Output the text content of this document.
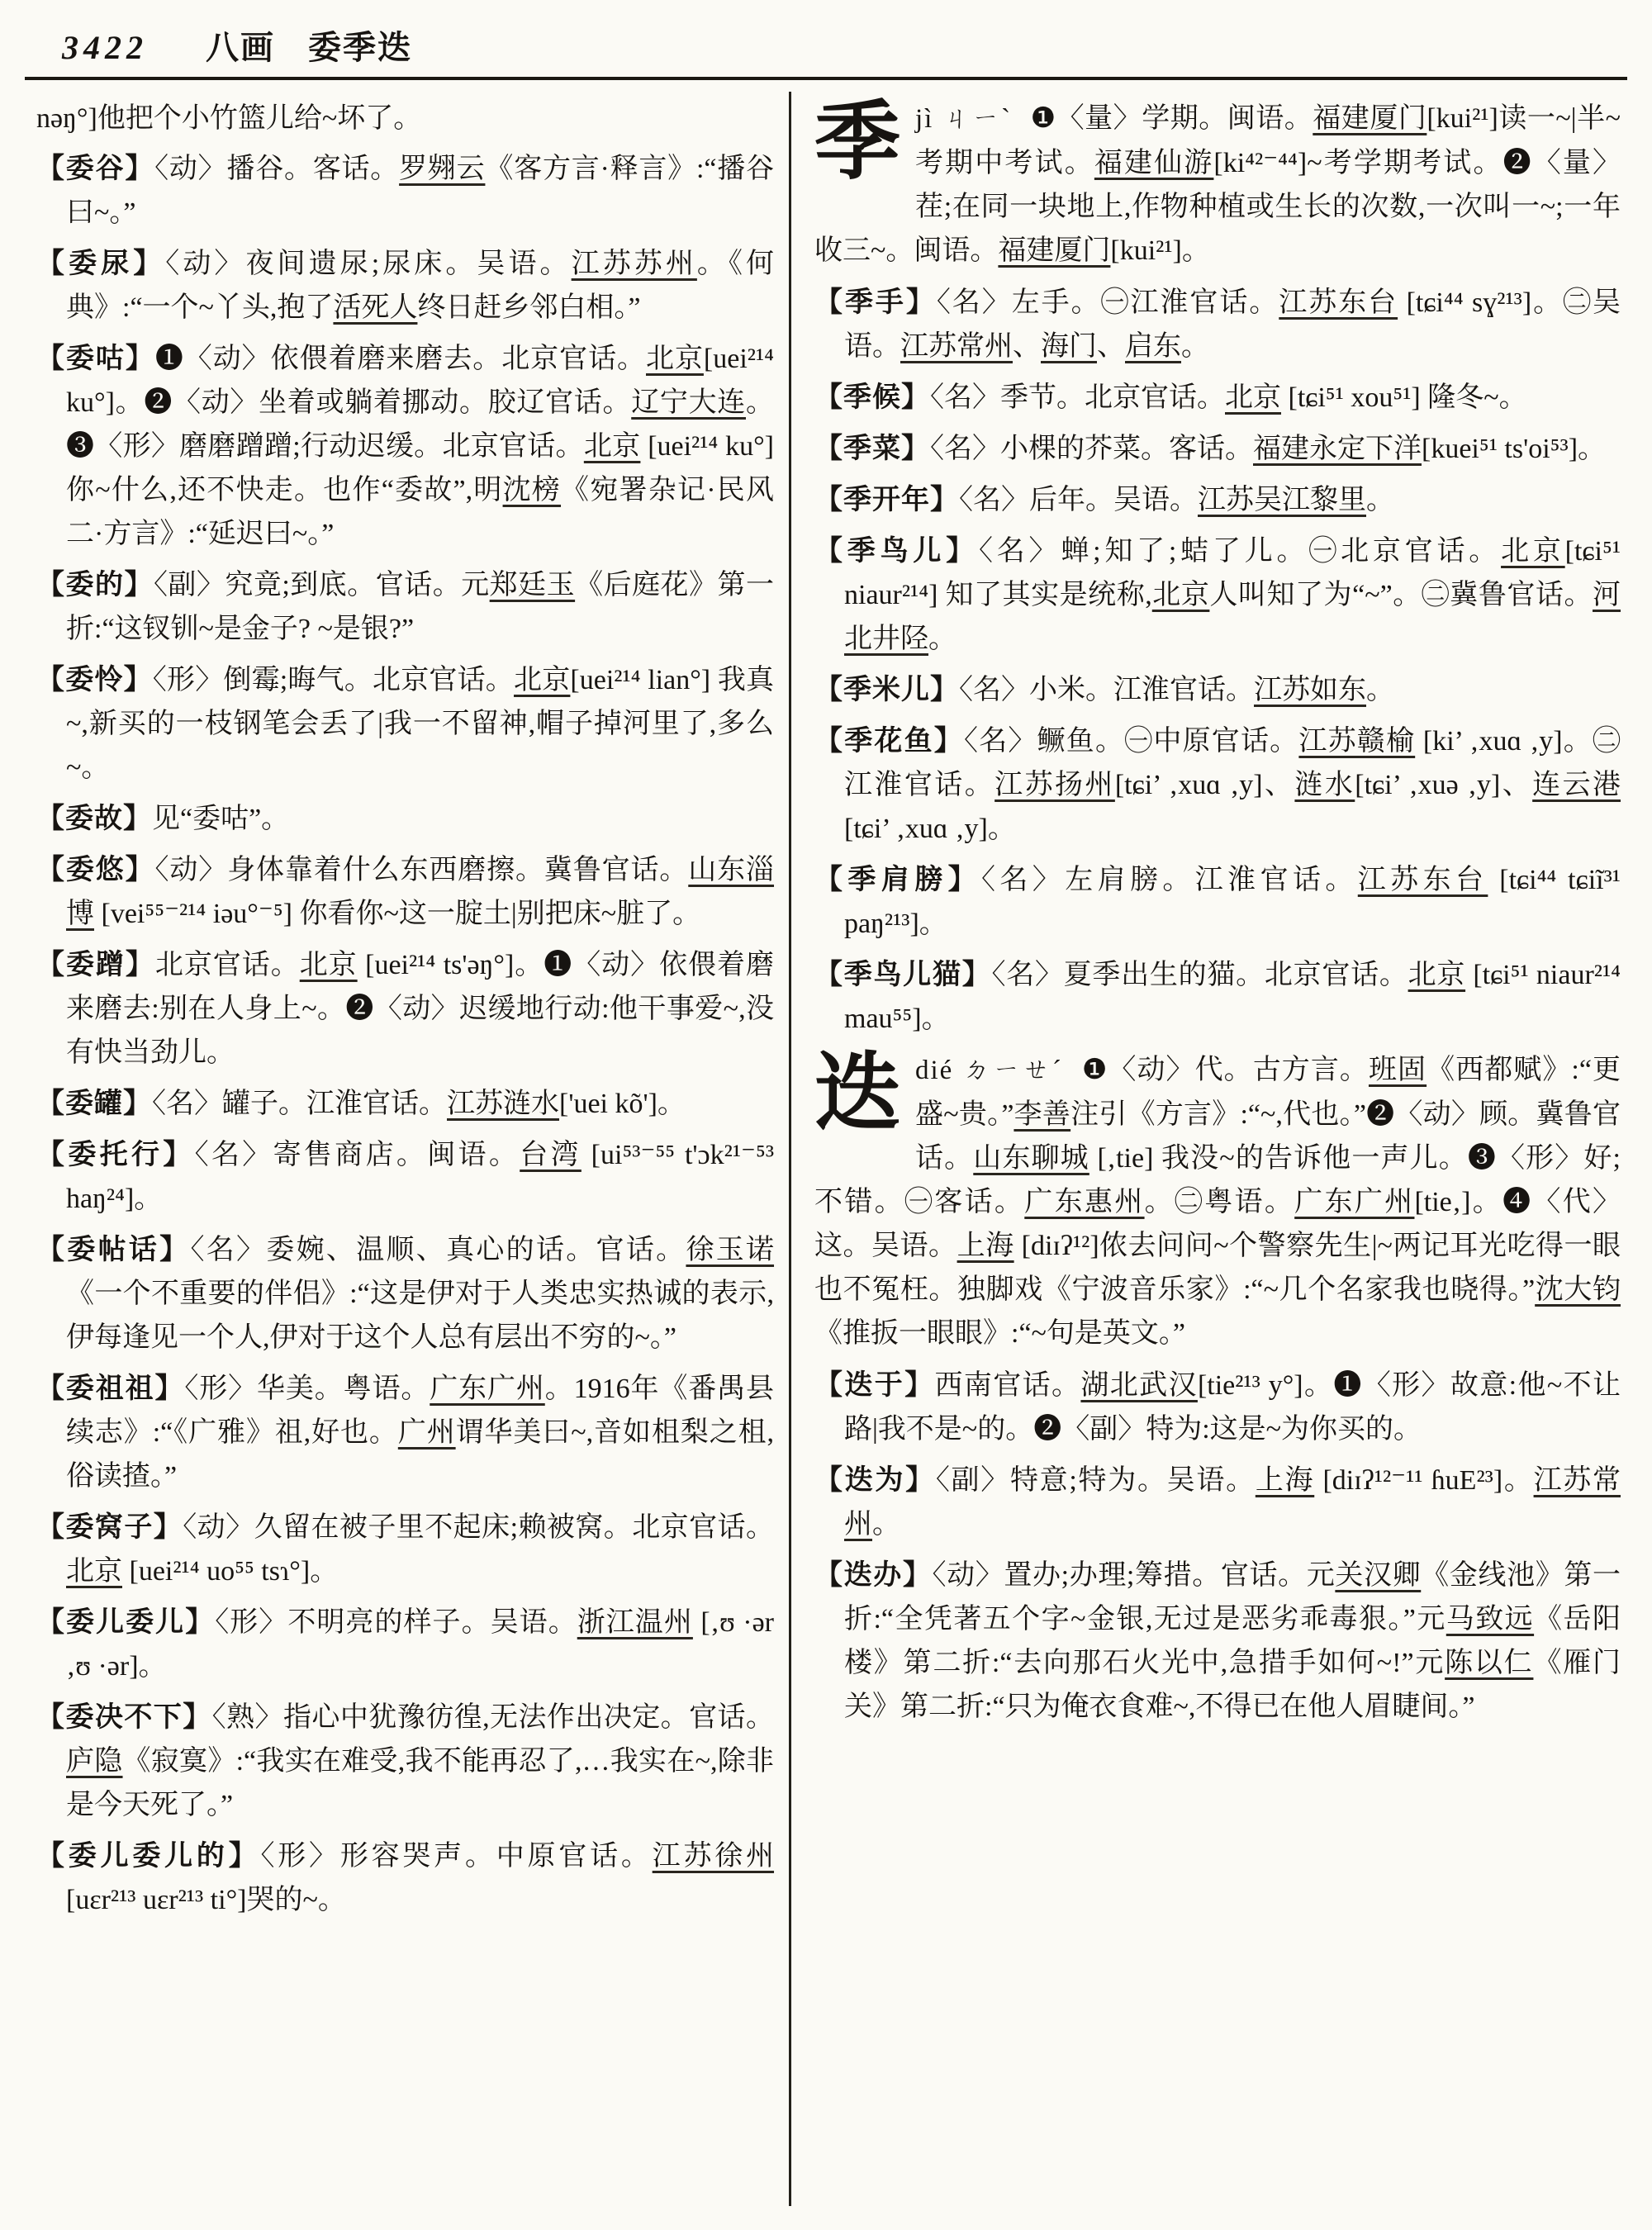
3422 八画 委季迭

nəŋ°]他把个小竹篮儿给~坏了。

【委谷】〈动〉播谷。客话。罗翙云《客方言·释言》:“播谷曰~。”

【委尿】〈动〉夜间遗尿;尿床。吴语。江苏苏州。《何典》:“一个~丫头,抱了活死人终日赶乡邻白相。”

【委咕】❶〈动〉依偎着磨来磨去。北京官话。北京[uei²¹⁴ ku°]。❷〈动〉坐着或躺着挪动。胶辽官话。辽宁大连。❸〈形〉磨磨蹭蹭;行动迟缓。北京官话。北京 [uei²¹⁴ ku°] 你~什么,还不快走。也作“委故”,明沈榜《宛署杂记·民风二·方言》:“延迟曰~。”

【委的】〈副〉究竟;到底。官话。元郑廷玉《后庭花》第一折:“这钗钏~是金子? ~是银?”

【委怜】〈形〉倒霉;晦气。北京官话。北京[uei²¹⁴ lian°] 我真~,新买的一枝钢笔会丢了|我一不留神,帽子掉河里了,多么~。

【委故】见“委咕”。

【委悠】〈动〉身体靠着什么东西磨擦。冀鲁官话。山东淄博 [vei⁵⁵⁻²¹⁴ iəu°⁻⁵] 你看你~这一腚土|别把床~脏了。

【委蹭】北京官话。北京 [uei²¹⁴ ts'əŋ°]。❶〈动〉依偎着磨来磨去:别在人身上~。❷〈动〉迟缓地行动:他干事爱~,没有快当劲儿。

【委罐】〈名〉罐子。江淮官话。江苏涟水['uei kõ']。

【委托行】〈名〉寄售商店。闽语。台湾 [ui⁵³⁻⁵⁵ t'ɔk²¹⁻⁵³ haŋ²⁴]。

【委帖话】〈名〉委婉、温顺、真心的话。官话。徐玉诺《一个不重要的伴侣》:“这是伊对于人类忠实热诚的表示,伊每逢见一个人,伊对于这个人总有层出不穷的~。”

【委祖祖】〈形〉华美。粤语。广东广州。1916年《番禺县续志》:“《广雅》祖,好也。广州谓华美曰~,音如柤梨之柤,俗读揸。”

【委窝子】〈动〉久留在被子里不起床;赖被窝。北京官话。北京 [uei²¹⁴ uo⁵⁵ tsɿ°]。

【委儿委儿】〈形〉不明亮的样子。吴语。浙江温州 [‚ʊ ·ər ‚ʊ ·ər]。

【委决不下】〈熟〉指心中犹豫彷徨,无法作出决定。官话。庐隐《寂寞》:“我实在难受,我不能再忍了,…我实在~,除非是今天死了。”

【委儿委儿的】〈形〉形容哭声。中原官话。江苏徐州 [uɛr²¹³ uɛr²¹³ ti°]哭的~。

季jì ㄐㄧˋ ❶〈量〉学期。闽语。福建厦门[kui²¹]读一~|半~考期中考试。福建仙游[ki⁴²⁻⁴⁴]~考学期考试。❷〈量〉茬;在同一块地上,作物种植或生长的次数,一次叫一~;一年收三~。闽语。福建厦门[kui²¹]。

【季手】〈名〉左手。㊀江淮官话。江苏东台 [tɕi⁴⁴ sɣ²¹³]。㊁吴语。江苏常州、海门、启东。

【季候】〈名〉季节。北京官话。北京 [tɕi⁵¹ xou⁵¹] 隆冬~。

【季菜】〈名〉小棵的芥菜。客话。福建永定下洋[kuei⁵¹ ts'oi⁵³]。

【季开年】〈名〉后年。吴语。江苏吴江黎里。

【季鸟儿】〈名〉蝉;知了;蛣了儿。㊀北京官话。北京[tɕi⁵¹ niaur²¹⁴] 知了其实是统称,北京人叫知了为“~”。㊁冀鲁官话。河北井陉。

【季米儿】〈名〉小米。江淮官话。江苏如东。

【季花鱼】〈名〉鳜鱼。㊀中原官话。江苏赣榆 [ki’ ‚xuɑ ‚y]。㊁江淮官话。江苏扬州[tɕi’ ‚xuɑ ‚y]、涟水[tɕi’ ‚xuə ‚y]、连云港 [tɕi’ ‚xuɑ ‚y]。

【季肩膀】〈名〉左肩膀。江淮官话。江苏东台 [tɕi⁴⁴ tɕiĩ³¹ paŋ²¹³]。

【季鸟儿猫】〈名〉夏季出生的猫。北京官话。北京 [tɕi⁵¹ niaur²¹⁴ mau⁵⁵]。

迭dié ㄉㄧㄝˊ ❶〈动〉代。古方言。班固《西都赋》:“更盛~贵。”李善注引《方言》:“~,代也。”❷〈动〉顾。冀鲁官话。山东聊城 [‚tie] 我没~的告诉他一声儿。❸〈形〉好;不错。㊀客话。广东惠州。㊁粤语。广东广州[tie‚]。❹〈代〉这。吴语。上海 [diɪʔ¹²]侬去问问~个警察先生|~两记耳光吃得一眼也不冤枉。独脚戏《宁波音乐家》:“~几个名家我也晓得。”沈大钧《推扳一眼眼》:“~句是英文。”

【迭于】西南官话。湖北武汉[tie²¹³ y°]。❶〈形〉故意:他~不让路|我不是~的。❷〈副〉特为:这是~为你买的。

【迭为】〈副〉特意;特为。吴语。上海 [diɪʔ¹²⁻¹¹ ɦuE²³]。江苏常州。

【迭办】〈动〉置办;办理;筹措。官话。元关汉卿《金线池》第一折:“全凭著五个字~金银,无过是恶劣乖毒狠。”元马致远《岳阳楼》第二折:“去向那石火光中,急措手如何~!”元陈以仁《雁门关》第二折:“只为俺衣食难~,不得已在他人眉睫间。”
